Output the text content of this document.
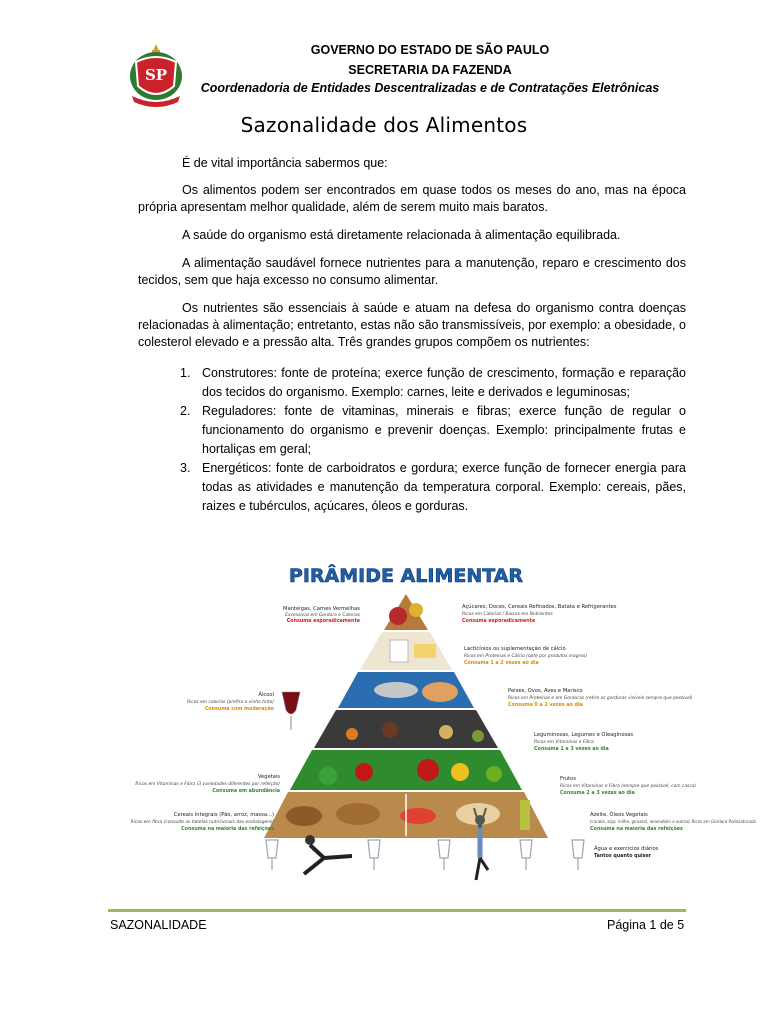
SP
GOVERNO DO ESTADO DE SÃO PAULO
SECRETARIA DA FAZENDA
Coordenadoria de Entidades Descentralizadas e de Contratações Eletrônicas
Sazonalidade dos Alimentos
É de vital importância sabermos que:
Os alimentos podem ser encontrados em quase todos os meses do ano, mas na época própria apresentam melhor qualidade, além de serem muito mais baratos.
A saúde do organismo está diretamente relacionada à alimentação equilibrada.
A alimentação saudável fornece nutrientes para a manutenção, reparo e crescimento dos tecidos, sem que haja excesso no consumo alimentar.
Os nutrientes são essenciais à saúde e atuam na defesa do organismo contra doenças relacionadas à alimentação; entretanto, estas não são transmissíveis, por exemplo: a obesidade, o colesterol elevado e a pressão alta. Três grandes grupos compõem os nutrientes:
1. Construtores: fonte de proteína; exerce função de crescimento, formação e reparação dos tecidos do organismo. Exemplo: carnes, leite e derivados e leguminosas;
2. Reguladores: fonte de vitaminas, minerais e fibras; exerce função de regular o funcionamento do organismo e prevenir doenças. Exemplo: principalmente frutas e hortaliças em geral;
3. Energéticos: fonte de carboidratos e gordura; exerce função de fornecer energia para todas as atividades e manutenção da temperatura corporal. Exemplo: cereais, pães, raizes e tubérculos, açúcares, óleos e gorduras.
PIRÂMIDE ALIMENTAR
Manteigas, Carnes Vermelhas
Excessivas em Gordura e Calorias
Consuma esporadicamente
Álcool
Ricos em calorias (prefira o vinho tinto)
Consuma com moderação
Vegetais
Ricos em Vitaminas e Fibra (3 variedades diferentes por refeição)
Consuma em abundância
Cereais Integrais (Pão, arroz, massa...)
Ricos em fibra (consulte as tabelas nutricionais das embalagens)
Consuma na maioria das refeições
Açúcares, Doces, Cereais Refinados, Batata e Refrigerantes
Ricos em Calorias / Baixos em Nutrientes
Consuma esporadicamente
Lacticínios ou suplementação de cálcio
Ricos em Proteínas e Cálcio (opte por produtos magros)
Consuma 1 a 2 vezes ao dia
Peixes, Ovos, Aves e Marisco
Ricos em Proteínas e em Gorduras (retire as gorduras visíveis sempre que possível)
Consuma 0 a 2 vezes ao dia
Leguminosas, Legumes e Oleaginosas
Ricos em Vitaminas e Fibra
Consuma 1 a 3 vezes ao dia
Frutos
Ricos em Vitaminas e Fibra (sempre que possível, com casca)
Consuma 2 a 3 vezes ao dia
Azeite, Óleos Vegetais
(canola, soja, milho, girassol, amendoim e outros) Ricos em Gordura Polinsaturada
Consuma na maioria das refeições
Água e exercícios diários
Tantos quanto quiser
SAZONALIDADE	Página 1 de 5
